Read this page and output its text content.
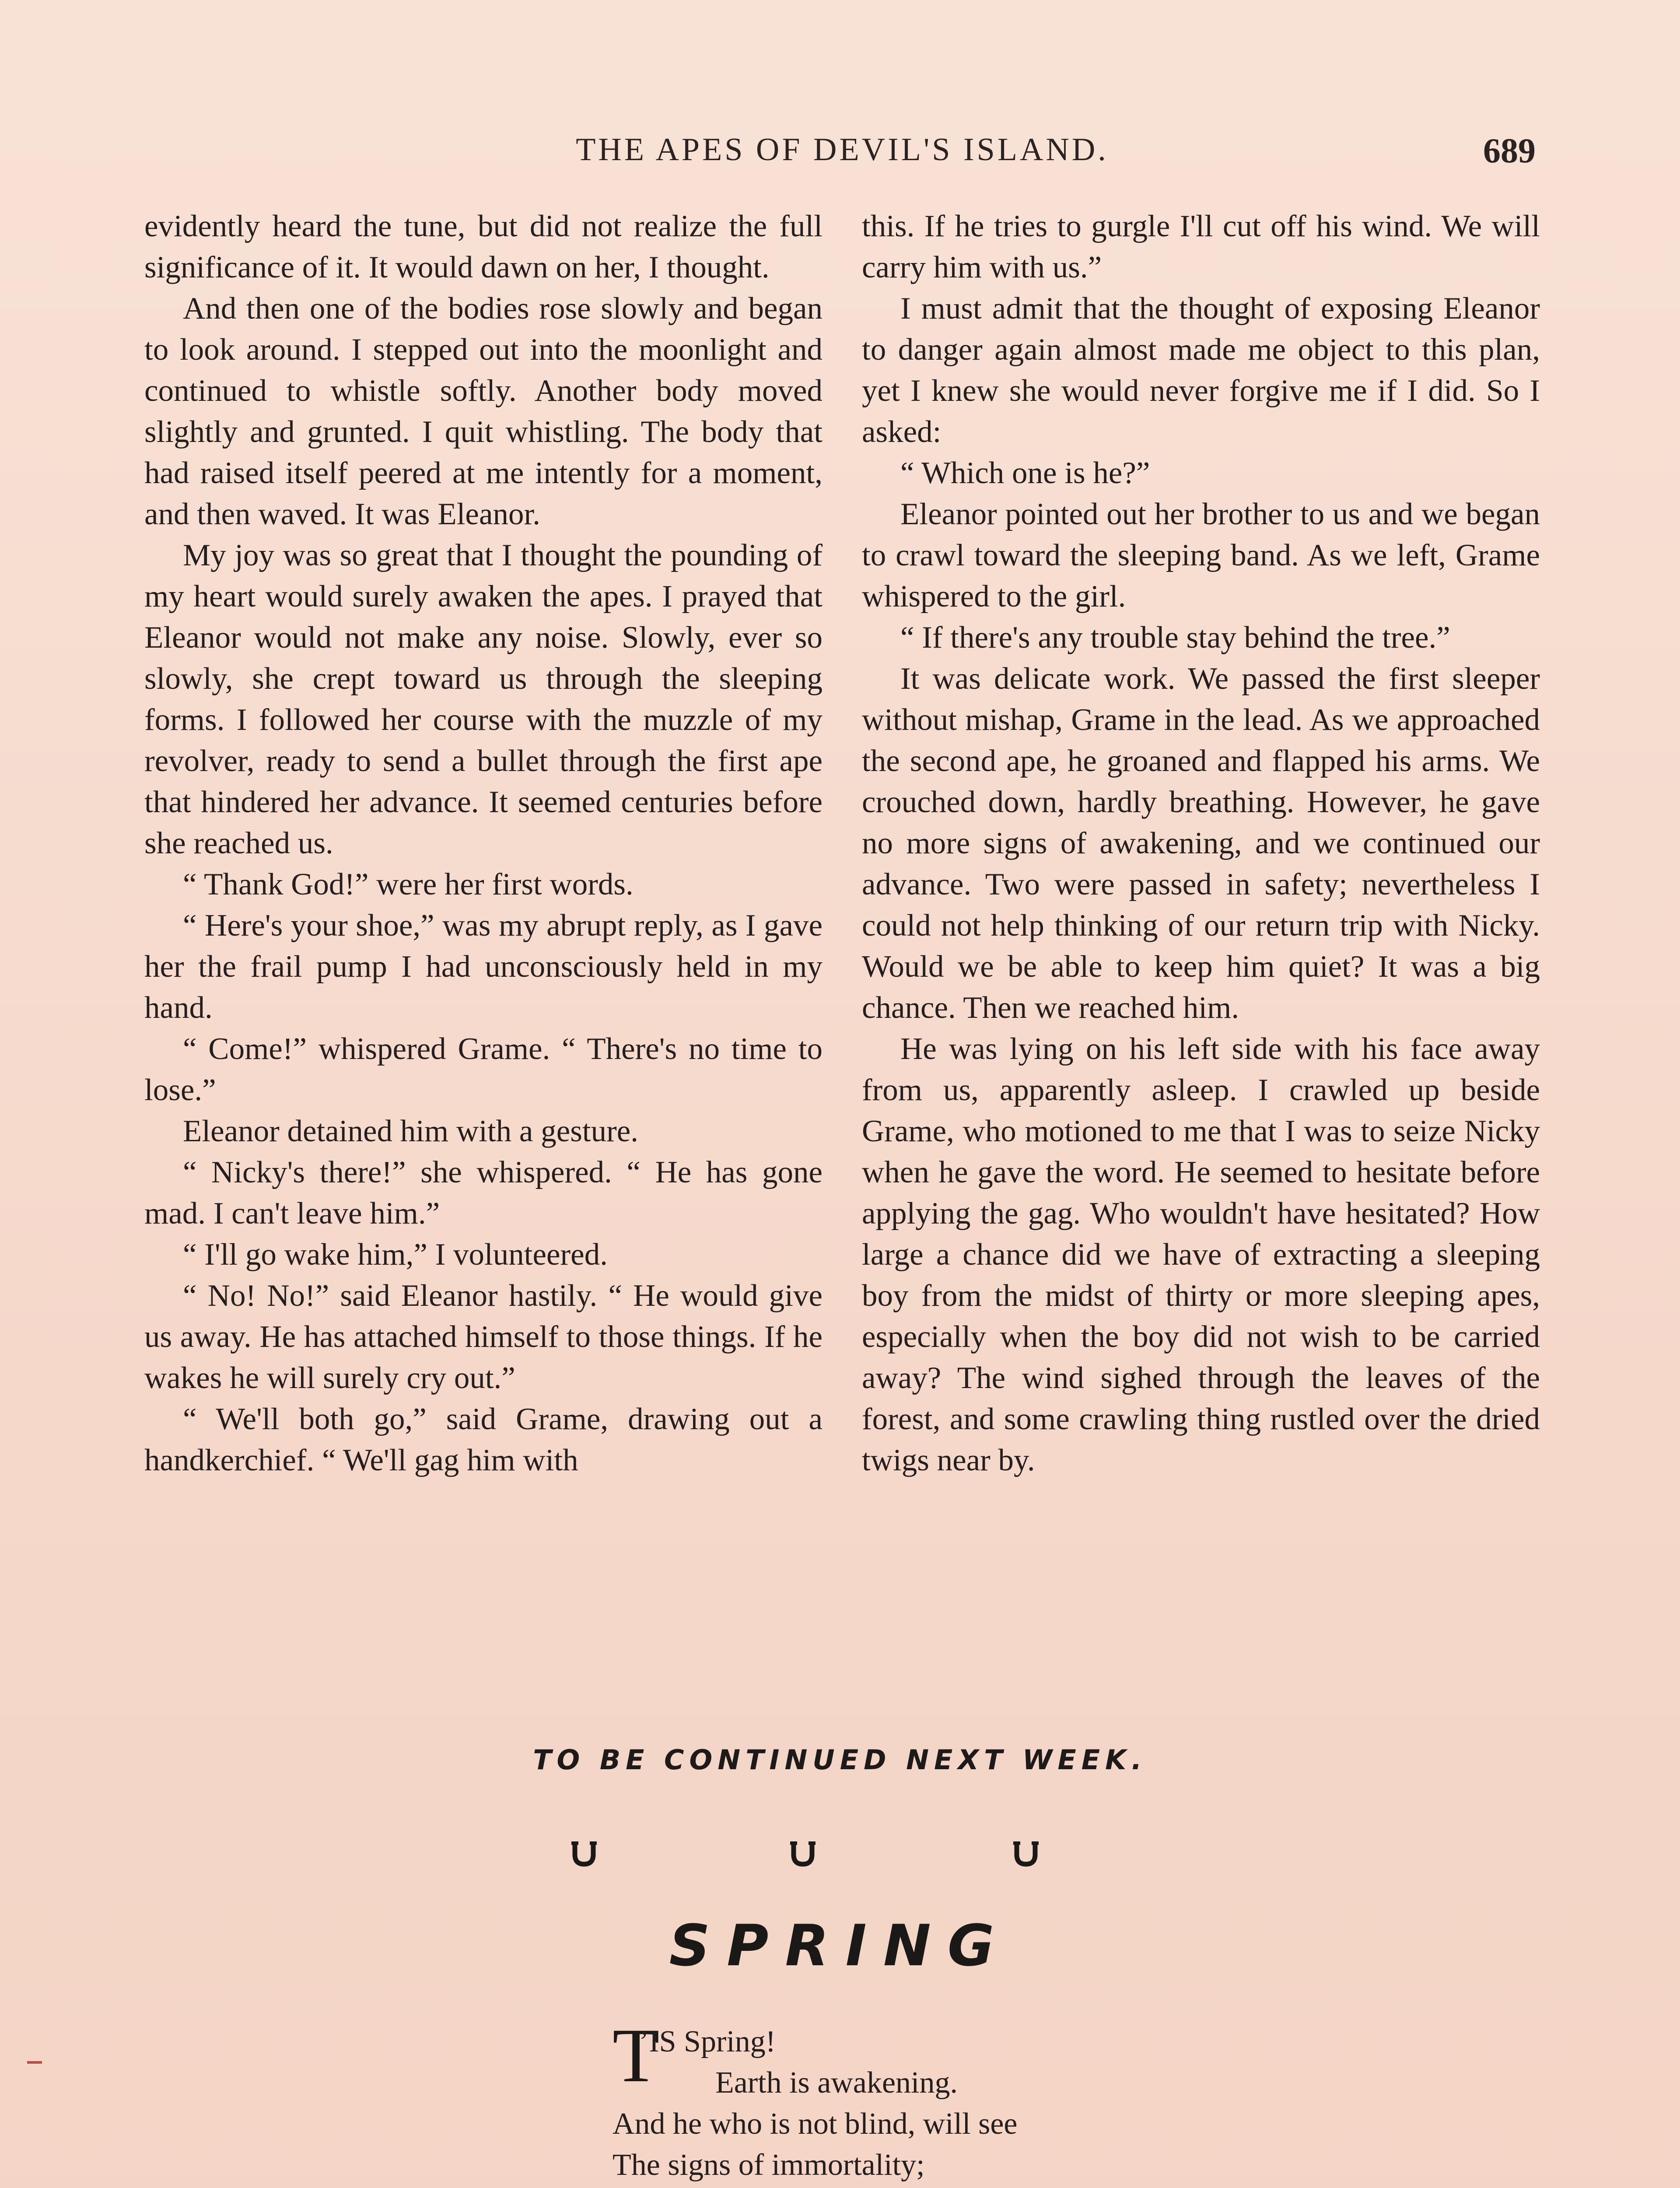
THE APES OF DEVIL'S ISLAND.	689

evidently heard the tune, but did not realize the full significance of it. It would dawn on her, I thought.

And then one of the bodies rose slowly and began to look around. I stepped out into the moonlight and continued to whistle softly. Another body moved slightly and grunted. I quit whistling. The body that had raised itself peered at me intently for a moment, and then waved. It was Eleanor.

My joy was so great that I thought the pounding of my heart would surely awaken the apes. I prayed that Eleanor would not make any noise. Slowly, ever so slowly, she crept toward us through the sleeping forms. I followed her course with the muzzle of my revolver, ready to send a bullet through the first ape that hindered her advance. It seemed centuries before she reached us.

“ Thank God!” were her first words.

“ Here's your shoe,” was my abrupt reply, as I gave her the frail pump I had unconsciously held in my hand.

“ Come!” whispered Grame. “ There's no time to lose.”

Eleanor detained him with a gesture.

“ Nicky's there!” she whispered. “ He has gone mad. I can't leave him.”

“ I'll go wake him,” I volunteered.

“ No! No!” said Eleanor hastily. “ He would give us away. He has attached himself to those things. If he wakes he will surely cry out.”

“ We'll both go,” said Grame, drawing out a handkerchief. “ We'll gag him with

this. If he tries to gurgle I'll cut off his wind. We will carry him with us.”

I must admit that the thought of exposing Eleanor to danger again almost made me object to this plan, yet I knew she would never forgive me if I did. So I asked:

“ Which one is he?”

Eleanor pointed out her brother to us and we began to crawl toward the sleeping band. As we left, Grame whispered to the girl.

“ If there's any trouble stay behind the tree.”

It was delicate work. We passed the first sleeper without mishap, Grame in the lead. As we approached the second ape, he groaned and flapped his arms. We crouched down, hardly breathing. However, he gave no more signs of awakening, and we continued our advance. Two were passed in safety; nevertheless I could not help thinking of our return trip with Nicky. Would we be able to keep him quiet? It was a big chance. Then we reached him.

He was lying on his left side with his face away from us, apparently asleep. I crawled up beside Grame, who motioned to me that I was to seize Nicky when he gave the word. He seemed to hesitate before applying the gag. Who wouldn't have hesitated? How large a chance did we have of extracting a sleeping boy from the midst of thirty or more sleeping apes, especially when the boy did not wish to be carried away? The wind sighed through the leaves of the forest, and some crawling thing rustled over the dried twigs near by.

TO BE CONTINUED NEXT WEEK.
SPRING
T
’IS Spring!
Earth is awakening.
And he who is not blind, will see
The signs of immortality;
